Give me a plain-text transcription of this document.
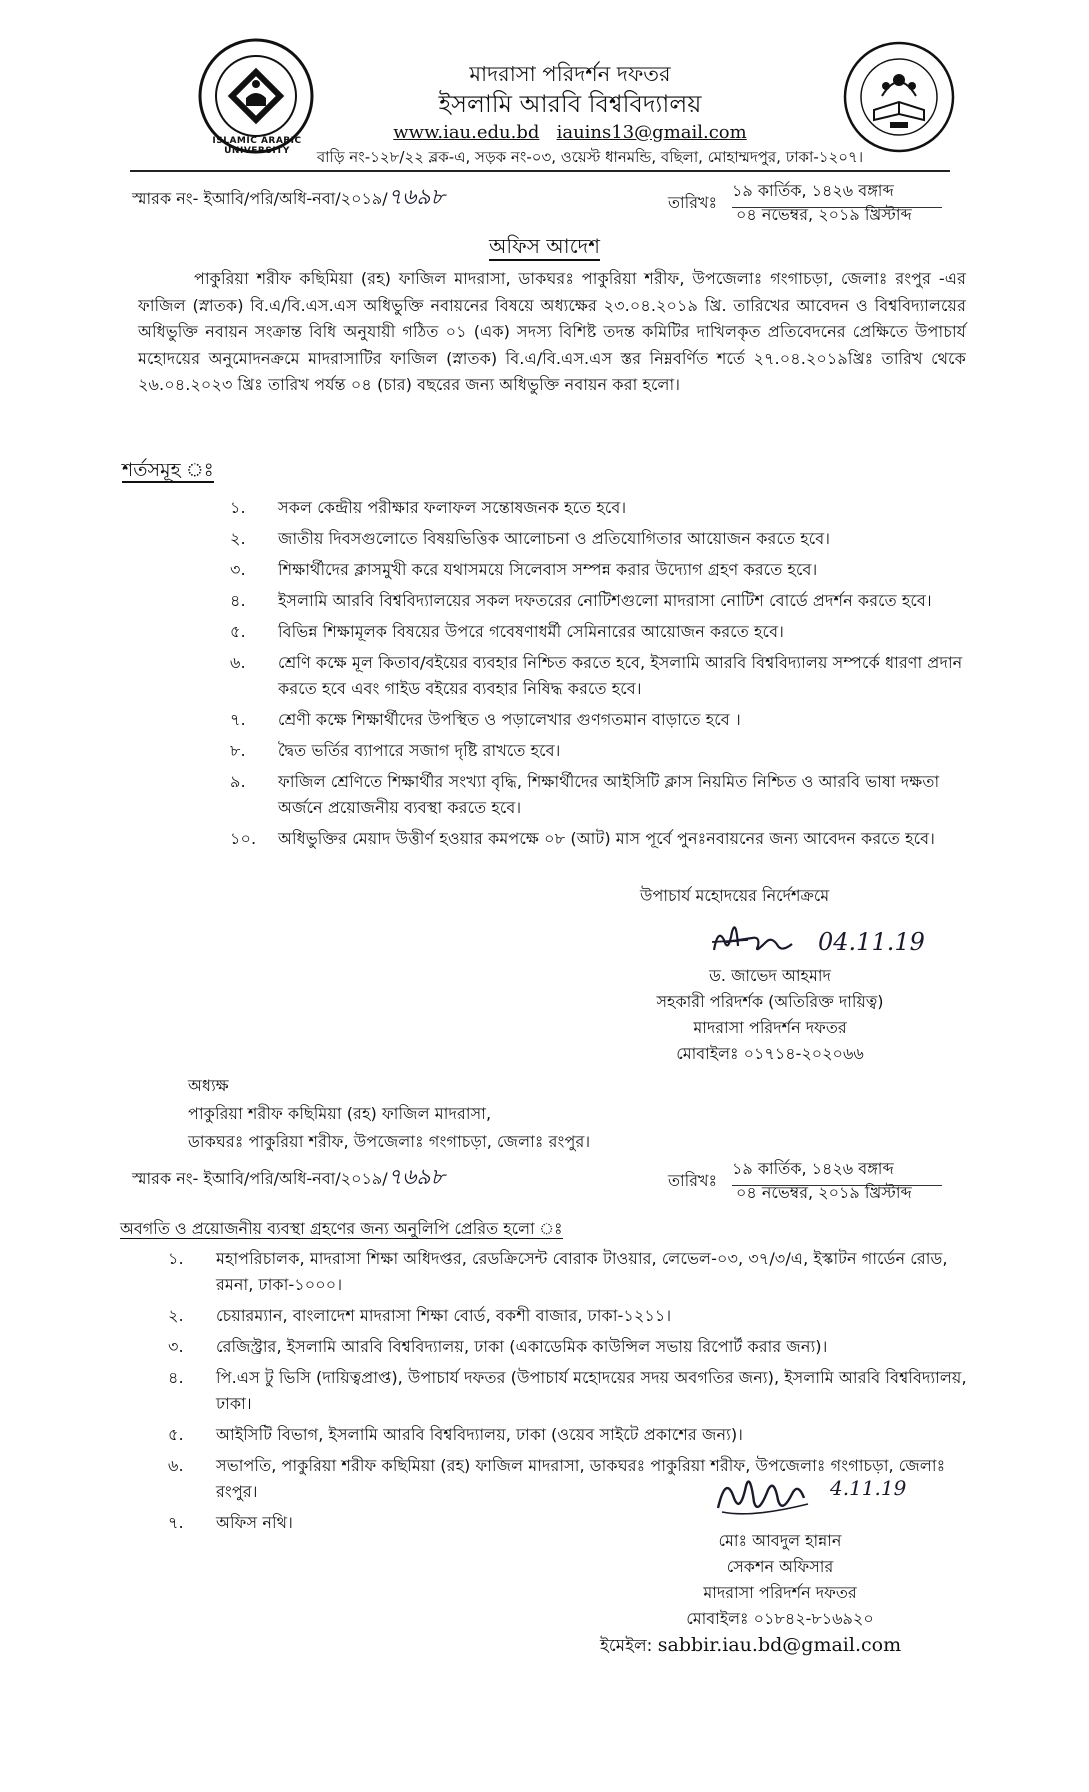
ISLAMIC ARABIC UNIVERSITY
মাদরাসা পরিদর্শন দফতর
ইসলামি আরবি বিশ্ববিদ্যালয়
www.iau.edu.bd iauins13@gmail.com
বাড়ি নং-১২৮/২২ ব্লক-এ, সড়ক নং-০৩, ওয়েস্ট ধানমন্ডি, বছিলা, মোহাম্মদপুর, ঢাকা-১২০৭।
স্মারক নং- ইআবি/পরি/অধি-নবা/২০১৯/৭৬৯৮	তারিখঃ
১৯ কার্তিক, ১৪২৬ বঙ্গাব্দ
০৪ নভেম্বর, ২০১৯ খ্রিস্টাব্দ
অফিস আদেশ
পাকুরিয়া শরীফ কছিমিয়া (রহ) ফাজিল মাদরাসা, ডাকঘরঃ পাকুরিয়া শরীফ, উপজেলাঃ গংগাচড়া, জেলাঃ রংপুর -এর ফাজিল (স্নাতক) বি.এ/বি.এস.এস অধিভুক্তি নবায়নের বিষয়ে অধ্যক্ষের ২৩.০৪.২০১৯ খ্রি. তারিখের আবেদন ও বিশ্ববিদ্যালয়ের অধিভুক্তি নবায়ন সংক্রান্ত বিধি অনুযায়ী গঠিত ০১ (এক) সদস্য বিশিষ্ট তদন্ত কমিটির দাখিলকৃত প্রতিবেদনের প্রেক্ষিতে উপাচার্য মহোদয়ের অনুমোদনক্রমে মাদরাসাটির ফাজিল (স্নাতক) বি.এ/বি.এস.এস স্তর নিম্নবর্ণিত শর্তে ২৭.০৪.২০১৯খ্রিঃ তারিখ থেকে ২৬.০৪.২০২৩ খ্রিঃ তারিখ পর্যন্ত ০৪ (চার) বছরের জন্য অধিভুক্তি নবায়ন করা হলো।
শর্তসমূহ ঃ
১.	সকল কেন্দ্রীয় পরীক্ষার ফলাফল সন্তোষজনক হতে হবে।
২.	জাতীয় দিবসগুলোতে বিষয়ভিত্তিক আলোচনা ও প্রতিযোগিতার আয়োজন করতে হবে।
৩.	শিক্ষার্থীদের ক্লাসমুখী করে যথাসময়ে সিলেবাস সম্পন্ন করার উদ্যোগ গ্রহণ করতে হবে।
৪.	ইসলামি আরবি বিশ্ববিদ্যালয়ের সকল দফতরের নোটিশগুলো মাদরাসা নোটিশ বোর্ডে প্রদর্শন করতে হবে।
৫.	বিভিন্ন শিক্ষামূলক বিষয়ের উপরে গবেষণাধর্মী সেমিনারের আয়োজন করতে হবে।
৬.	শ্রেণি কক্ষে মূল কিতাব/বইয়ের ব্যবহার নিশ্চিত করতে হবে, ইসলামি আরবি বিশ্ববিদ্যালয় সম্পর্কে ধারণা প্রদান করতে হবে এবং গাইড বইয়ের ব্যবহার নিষিদ্ধ করতে হবে।
৭.	শ্রেণী কক্ষে শিক্ষার্থীদের উপস্থিত ও পড়ালেখার গুণগতমান বাড়াতে হবে ।
৮.	দ্বৈত ভর্তির ব্যাপারে সজাগ দৃষ্টি রাখতে হবে।
৯.	ফাজিল শ্রেণিতে শিক্ষার্থীর সংখ্যা বৃদ্ধি, শিক্ষার্থীদের আইসিটি ক্লাস নিয়মিত নিশ্চিত ও আরবি ভাষা দক্ষতা অর্জনে প্রয়োজনীয় ব্যবস্থা করতে হবে।
১০.	অধিভুক্তির মেয়াদ উত্তীর্ণ হওয়ার কমপক্ষে ০৮ (আট) মাস পূর্বে পুনঃনবায়নের জন্য আবেদন করতে হবে।
উপাচার্য মহোদয়ের নির্দেশক্রমে
04.11.19
ড. জাভেদ আহমাদ
সহকারী পরিদর্শক (অতিরিক্ত দায়িত্ব)
মাদরাসা পরিদর্শন দফতর
মোবাইলঃ ০১৭১৪-২০২০৬৬
অধ্যক্ষ
পাকুরিয়া শরীফ কছিমিয়া (রহ) ফাজিল মাদরাসা,
ডাকঘরঃ পাকুরিয়া শরীফ, উপজেলাঃ গংগাচড়া, জেলাঃ রংপুর।
স্মারক নং- ইআবি/পরি/অধি-নবা/২০১৯/৭৬৯৮	তারিখঃ
১৯ কার্তিক, ১৪২৬ বঙ্গাব্দ
০৪ নভেম্বর, ২০১৯ খ্রিস্টাব্দ
অবগতি ও প্রয়োজনীয় ব্যবস্থা গ্রহণের জন্য অনুলিপি প্রেরিত হলো ঃ
১.	মহাপরিচালক, মাদরাসা শিক্ষা অধিদপ্তর, রেডক্রিসেন্ট বোরাক টাওয়ার, লেভেল-০৩, ৩৭/৩/এ, ইস্কাটন গার্ডেন রোড, রমনা, ঢাকা-১০০০।
২.	চেয়ারম্যান, বাংলাদেশ মাদরাসা শিক্ষা বোর্ড, বকশী বাজার, ঢাকা-১২১১।
৩.	রেজিস্ট্রার, ইসলামি আরবি বিশ্ববিদ্যালয়, ঢাকা (একাডেমিক কাউন্সিল সভায় রিপোর্ট করার জন্য)।
৪.	পি.এস টু ভিসি (দায়িত্বপ্রাপ্ত), উপাচার্য দফতর (উপাচার্য মহোদয়ের সদয় অবগতির জন্য), ইসলামি আরবি বিশ্ববিদ্যালয়, ঢাকা।
৫.	আইসিটি বিভাগ, ইসলামি আরবি বিশ্ববিদ্যালয়, ঢাকা (ওয়েব সাইটে প্রকাশের জন্য)।
৬.	সভাপতি, পাকুরিয়া শরীফ কছিমিয়া (রহ) ফাজিল মাদরাসা, ডাকঘরঃ পাকুরিয়া শরীফ, উপজেলাঃ গংগাচড়া, জেলাঃ রংপুর।
৭.	অফিস নথি।
4.11.19
মোঃ আবদুল হান্নান
সেকশন অফিসার
মাদরাসা পরিদর্শন দফতর
মোবাইলঃ ০১৮৪২-৮১৬৯২০
ইমেইল: sabbir.iau.bd@gmail.com
